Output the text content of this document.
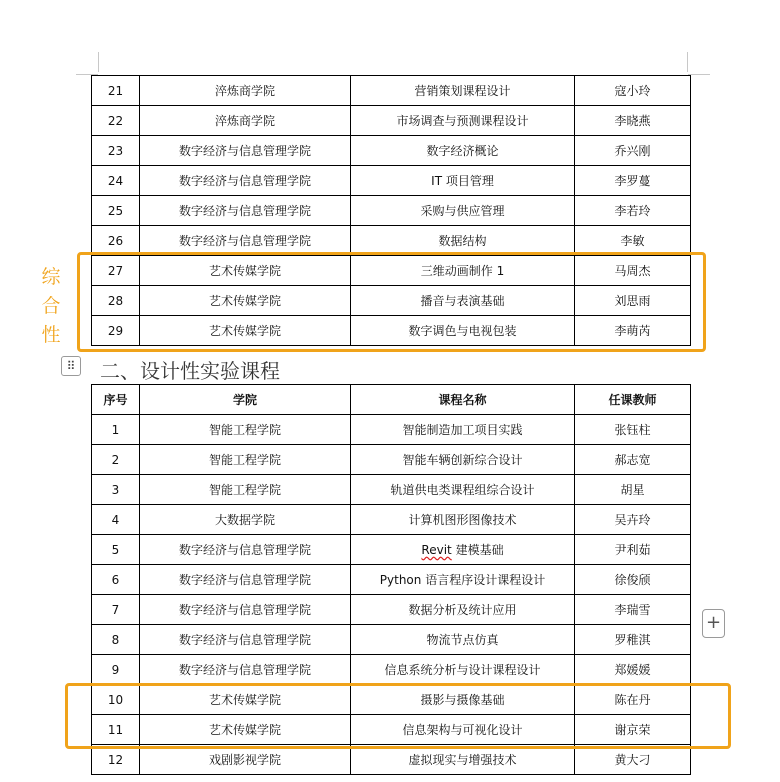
21	淬炼商学院	营销策划课程设计	寇小玲
22	淬炼商学院	市场调查与预测课程设计	李晓燕
23	数字经济与信息管理学院	数字经济概论	乔兴刚
24	数字经济与信息管理学院	IT 项目管理	李罗蔓
25	数字经济与信息管理学院	采购与供应管理	李若玲
26	数字经济与信息管理学院	数据结构	李敏
27	艺术传媒学院	三维动画制作 1	马周杰
28	艺术传媒学院	播音与表演基础	刘思雨
29	艺术传媒学院	数字调色与电视包装	李萌芮
综
合
性
⠿ 二、设计性实验课程
序号	学院	课程名称	任课教师
1	智能工程学院	智能制造加工项目实践	张钰柱
2	智能工程学院	智能车辆创新综合设计	郝志宽
3	智能工程学院	轨道供电类课程组综合设计	胡星
4	大数据学院	计算机图形图像技术	吴卉玲
5	数字经济与信息管理学院	Revit 建模基础	尹利茹
6	数字经济与信息管理学院	Python 语言程序设计课程设计	徐俊颀
7	数字经济与信息管理学院	数据分析及统计应用	李瑞雪
8	数字经济与信息管理学院	物流节点仿真	罗稚淇
9	数字经济与信息管理学院	信息系统分析与设计课程设计	郑媛媛
10	艺术传媒学院	摄影与摄像基础	陈在丹
11	艺术传媒学院	信息架构与可视化设计	谢京荣
12	戏剧影视学院	虚拟现实与增强技术	黄大刁
+
